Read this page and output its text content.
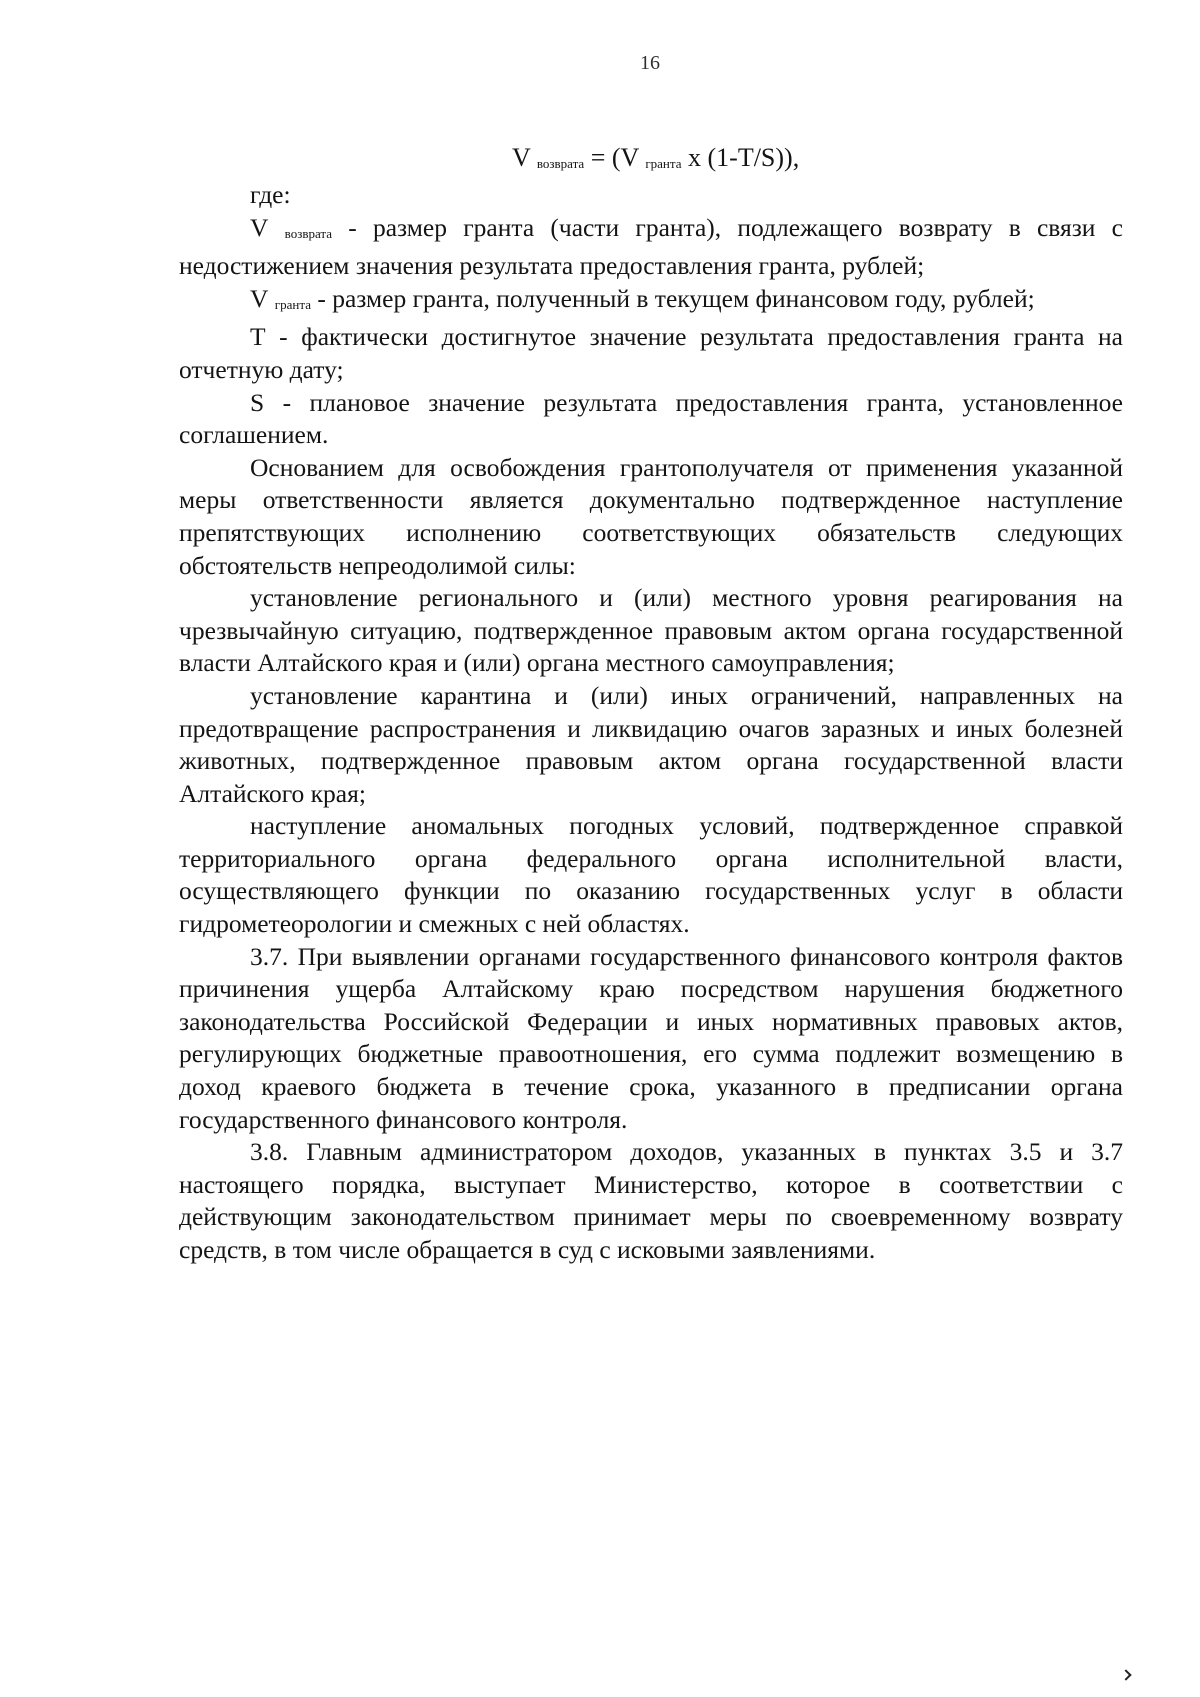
16
V возврата = (V гранта x (1-T/S)),

где:

V возврата - размер гранта (части гранта), подлежащего возврату в связи с недостижением значения результата предоставления гранта, рублей;

V гранта - размер гранта, полученный в текущем финансовом году, рублей;

T - фактически достигнутое значение результата предоставления гранта на отчетную дату;

S - плановое значение результата предоставления гранта, установленное соглашением.

Основанием для освобождения грантополучателя от применения указанной меры ответственности является документально подтвержденное наступление препятствующих исполнению соответствующих обязательств следующих обстоятельств непреодолимой силы:

установление регионального и (или) местного уровня реагирования на чрезвычайную ситуацию, подтвержденное правовым актом органа государственной власти Алтайского края и (или) органа местного самоуправления;

установление карантина и (или) иных ограничений, направленных на предотвращение распространения и ликвидацию очагов заразных и иных болезней животных, подтвержденное правовым актом органа государственной власти Алтайского края;

наступление аномальных погодных условий, подтвержденное справкой территориального органа федерального органа исполнительной власти, осуществляющего функции по оказанию государственных услуг в области гидрометеорологии и смежных с ней областях.

3.7. При выявлении органами государственного финансового контроля фактов причинения ущерба Алтайскому краю посредством нарушения бюджетного законодательства Российской Федерации и иных нормативных правовых актов, регулирующих бюджетные правоотношения, его сумма подлежит возмещению в доход краевого бюджета в течение срока, указанного в предписании органа государственного финансового контроля.

3.8. Главным администратором доходов, указанных в пунктах 3.5 и 3.7 настоящего порядка, выступает Министерство, которое в соответствии с действующим законодательством принимает меры по своевременному возврату средств, в том числе обращается в суд с исковыми заявлениями.
